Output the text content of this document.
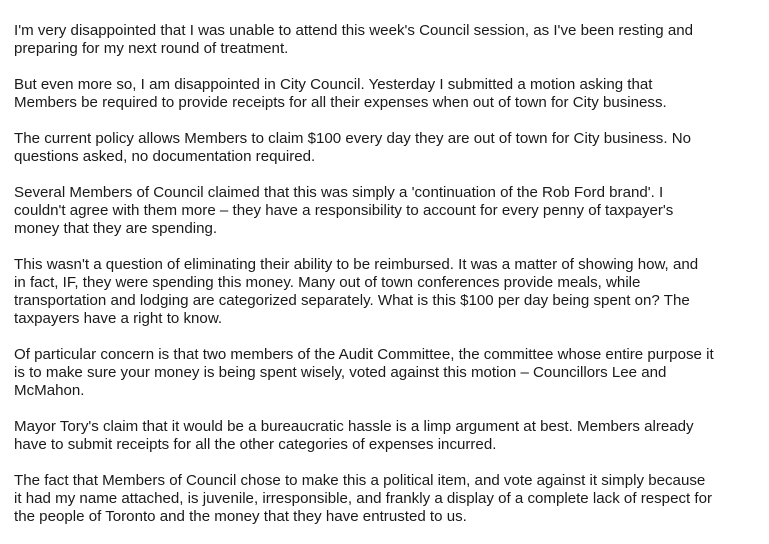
I'm very disappointed that I was unable to attend this week's Council session, as I've been resting and
preparing for my next round of treatment.

But even more so, I am disappointed in City Council. Yesterday I submitted a motion asking that
Members be required to provide receipts for all their expenses when out of town for City business.

The current policy allows Members to claim $100 every day they are out of town for City business. No
questions asked, no documentation required.

Several Members of Council claimed that this was simply a 'continuation of the Rob Ford brand'. I
couldn't agree with them more – they have a responsibility to account for every penny of taxpayer's
money that they are spending.

This wasn't a question of eliminating their ability to be reimbursed. It was a matter of showing how, and
in fact, IF, they were spending this money. Many out of town conferences provide meals, while
transportation and lodging are categorized separately. What is this $100 per day being spent on? The
taxpayers have a right to know.

Of particular concern is that two members of the Audit Committee, the committee whose entire purpose it
is to make sure your money is being spent wisely, voted against this motion – Councillors Lee and
McMahon.

Mayor Tory's claim that it would be a bureaucratic hassle is a limp argument at best. Members already
have to submit receipts for all the other categories of expenses incurred.

The fact that Members of Council chose to make this a political item, and vote against it simply because
it had my name attached, is juvenile, irresponsible, and frankly a display of a complete lack of respect for
the people of Toronto and the money that they have entrusted to us.
